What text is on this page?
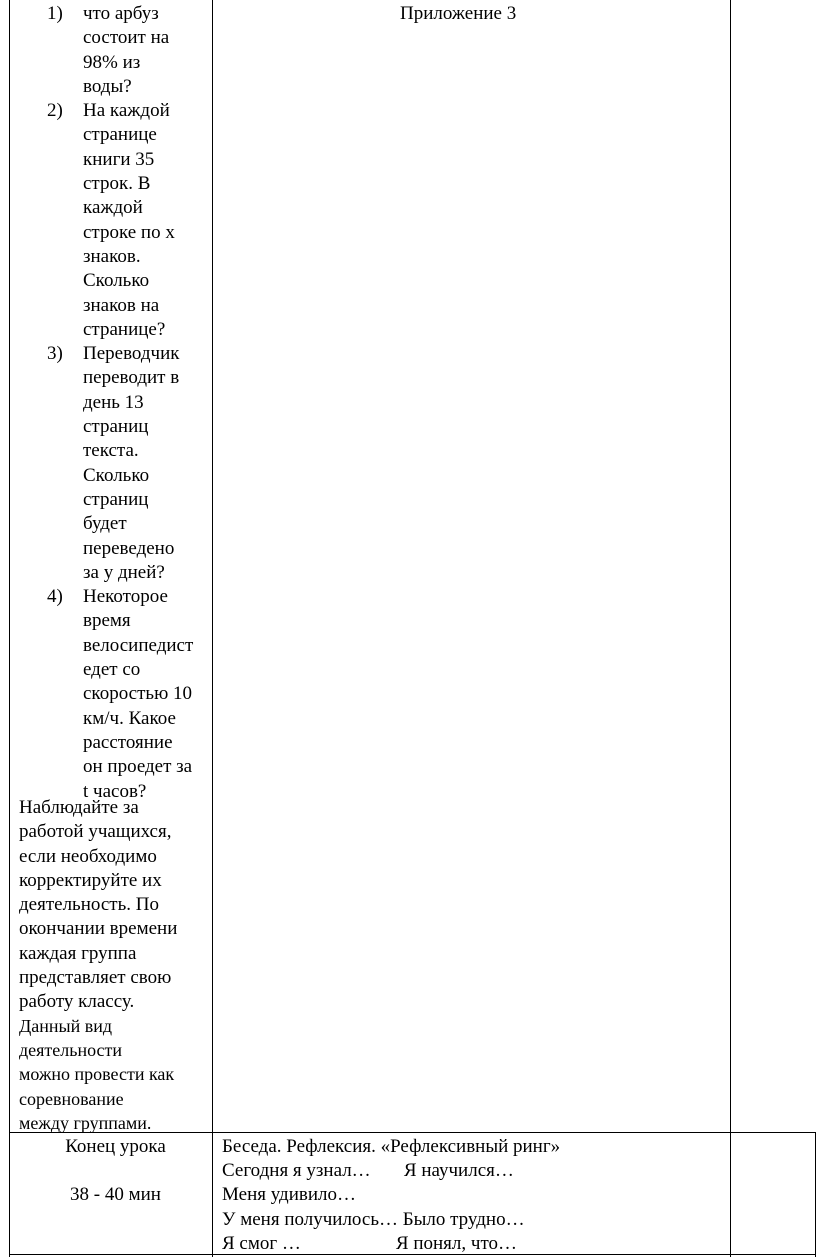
1) что арбуз
состоит на
98% из
воды?
2) На каждой
странице
книги 35
строк. В
каждой
строке по х
знаков.
Сколько
знаков на
странице?
3) Переводчик
переводит в
день 13
страниц
текста.
Сколько
страниц
будет
переведено
за у дней?
4) Некоторое
время
велосипедист
едет со
скоростью 10
км/ч. Какое
расстояние
он проедет за
t часов?
Наблюдайте за
работой учащихся,
если необходимо
корректируйте их
деятельность. По
окончании времени
каждая группа
представляет свою
работу классу.
Данный вид
деятельности
можно провести как
соревнование
между группами.
Приложение 3
Конец урока
38 - 40 мин
Беседа. Рефлексия. «Рефлексивный ринг»
Сегодня я узнал…       Я научился…
Меня удивило…
У меня получилось… Было трудно…
Я смог …                    Я понял, что…
